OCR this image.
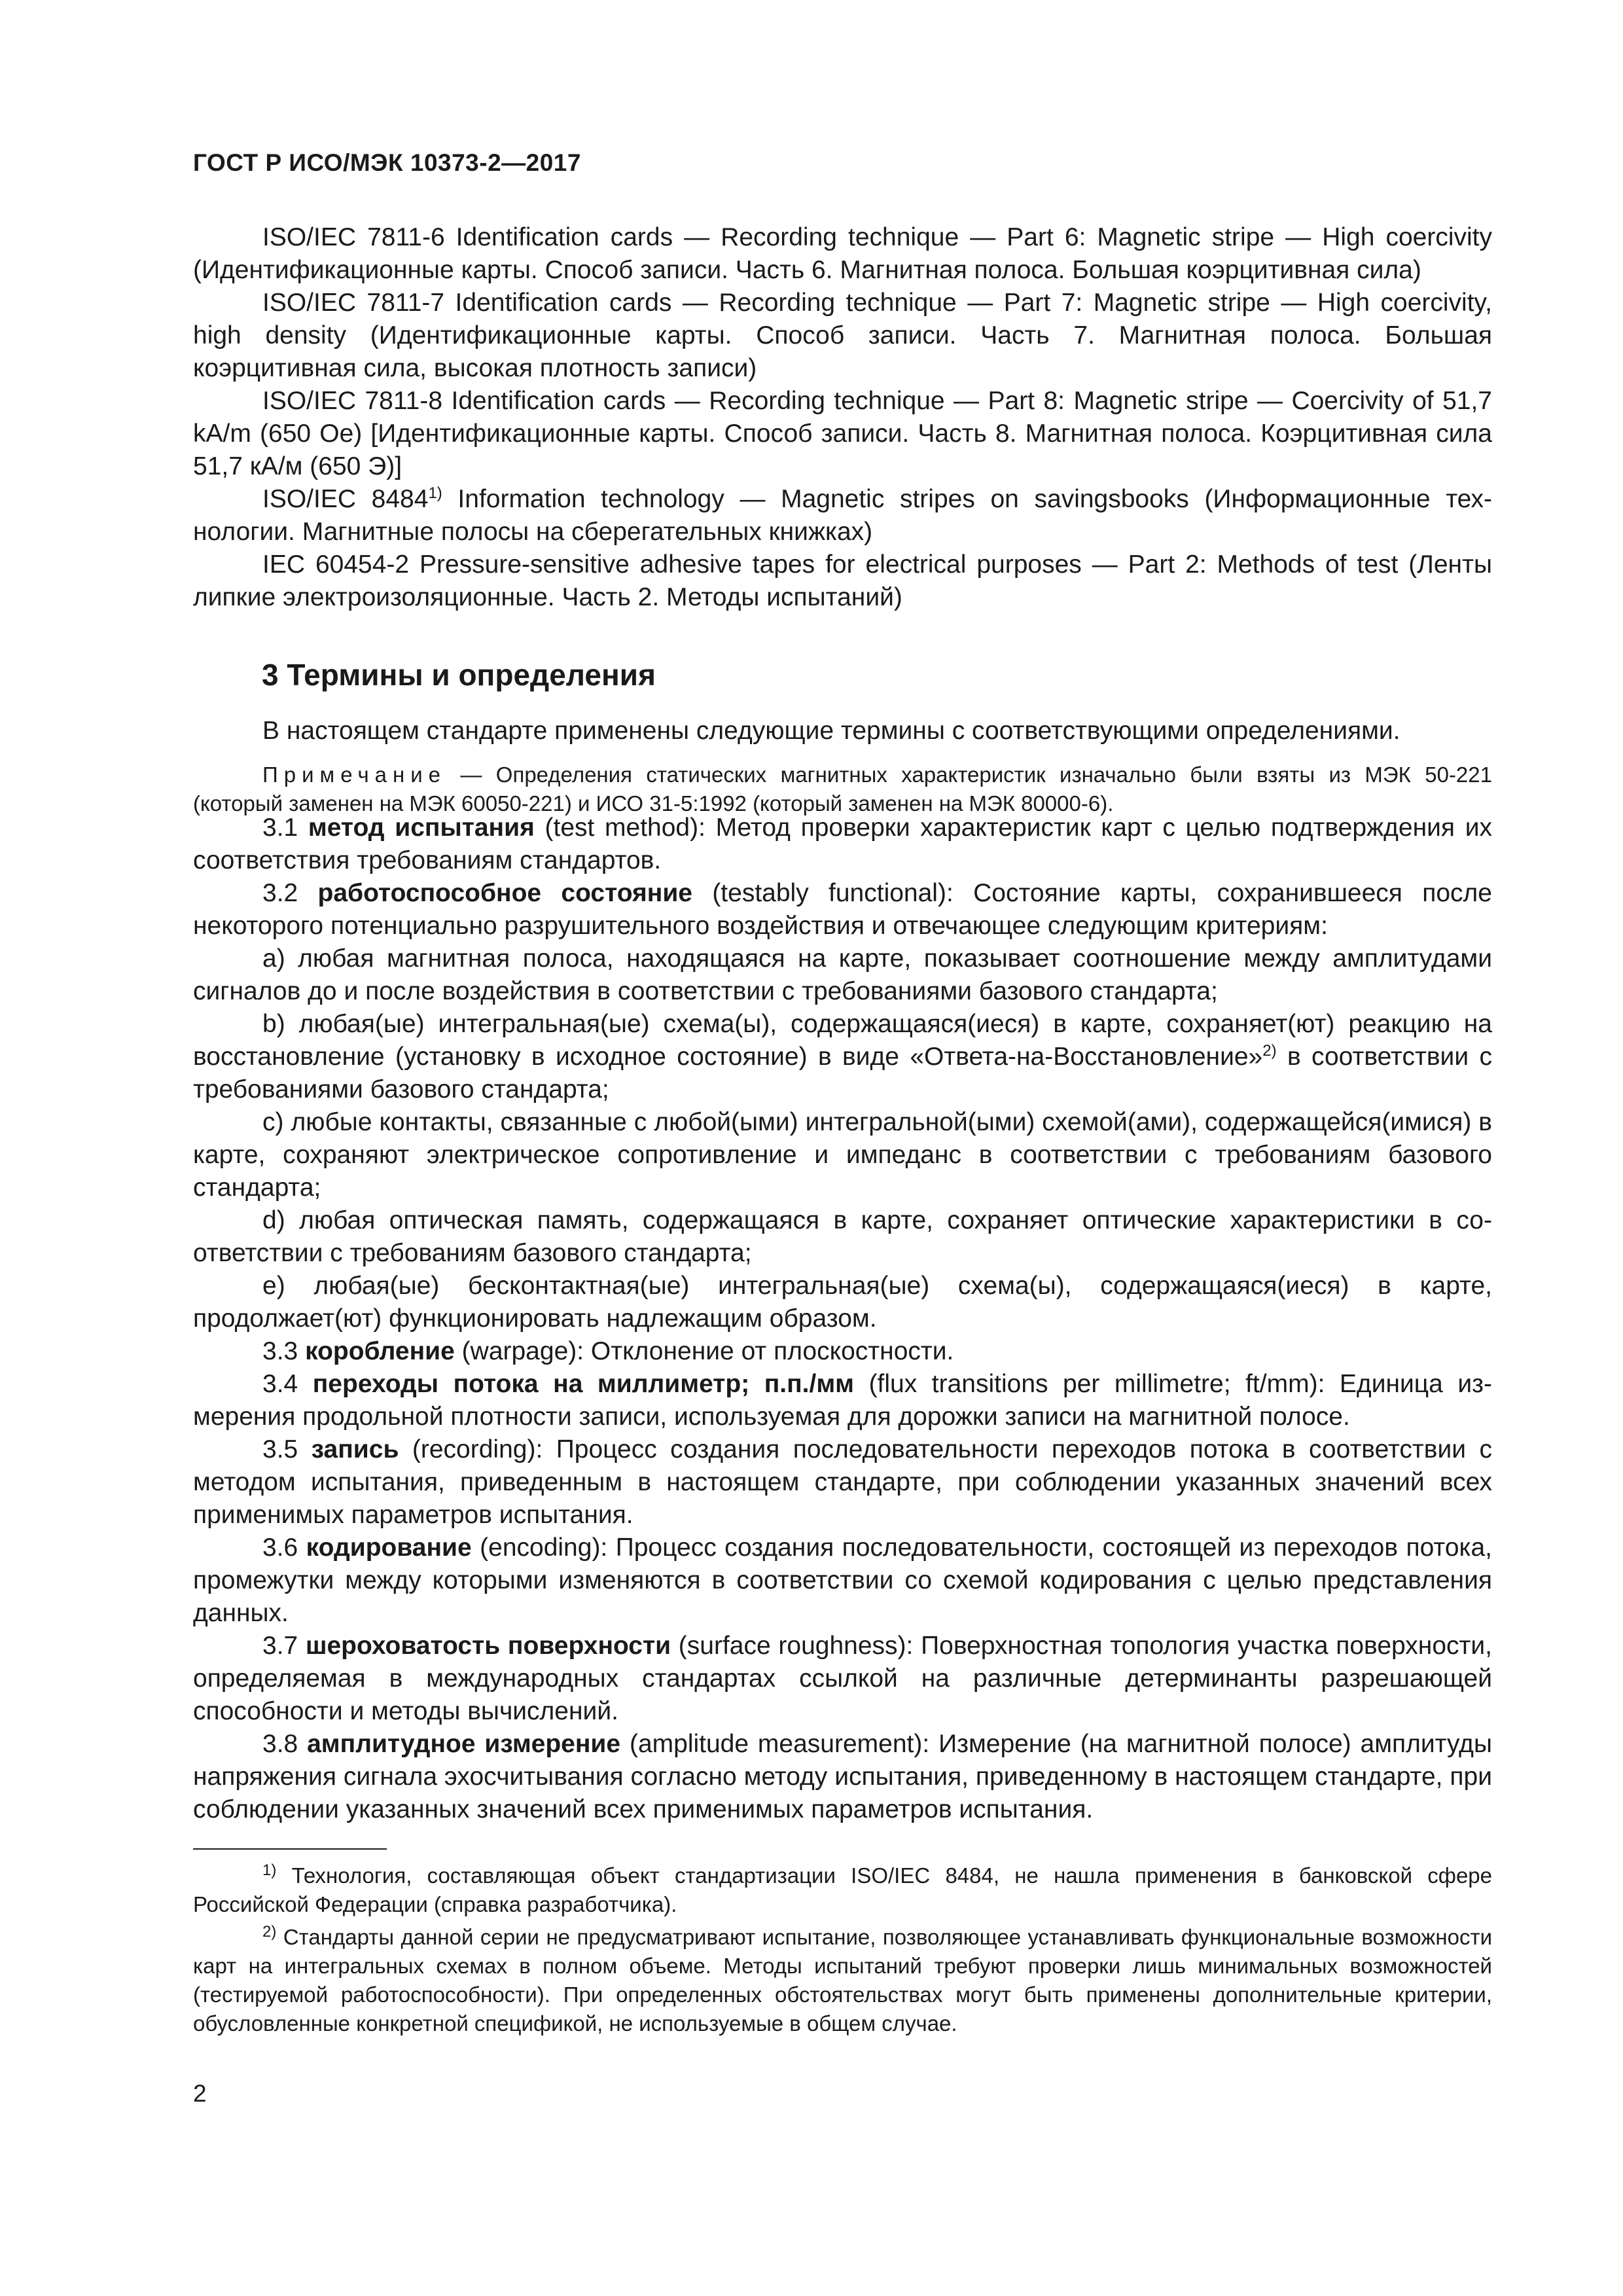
ГОСТ Р ИСО/МЭК 10373-2—2017

ISO/IEC 7811-6 Identification cards — Recording technique — Part 6: Magnetic stripe — High coercivity (Идентификационные карты. Способ записи. Часть 6. Магнитная полоса. Большая коэрцитивная сила)

ISO/IEC 7811-7 Identification cards — Recording technique — Part 7: Magnetic stripe — High coercivity, high density (Идентификационные карты. Способ записи. Часть 7. Магнитная полоса. Большая коэрцитивная сила, высокая плотность записи)

ISO/IEC 7811-8 Identification cards — Recording technique — Part 8: Magnetic stripe — Coercivity of 51,7 kA/m (650 Oe) [Идентификационные карты. Способ записи. Часть 8. Магнитная полоса. Коэрцитивная сила 51,7 кА/м (650 Э)]

ISO/IEC 8484$^{1)}$ Information technology — Magnetic stripes on savingsbooks (Информационные технологии. Магнитные полосы на сберегательных книжках)

IEC 60454-2 Pressure-sensitive adhesive tapes for electrical purposes — Part 2: Methods of test (Ленты липкие электроизоляционные. Часть 2. Методы испытаний)

3 Термины и определения
В настоящем стандарте применены следующие термины с соответствующими определениями.

Примечание — Определения статических магнитных характеристик изначально были взяты из МЭК 50-221 (который заменен на МЭК 60050-221) и ИСО 31-5:1992 (который заменен на МЭК 80000-6).

3.1 метод испытания (test method): Метод проверки характеристик карт с целью подтверждения их соответствия требованиям стандартов.

3.2 работоспособное состояние (testably functional): Состояние карты, сохранившееся после некоторого потенциально разрушительного воздействия и отвечающее следующим критериям:

а) любая магнитная полоса, находящаяся на карте, показывает соотношение между амплитудами сигналов до и после воздействия в соответствии с требованиями базового стандарта;

b) любая(ые) интегральная(ые) схема(ы), содержащаяся(иеся) в карте, сохраняет(ют) реакцию на восстановление (установку в исходное состояние) в виде «Ответа-на-Восстановление»$^{2)}$ в соответствии с требованиями базового стандарта;

с) любые контакты, связанные с любой(ыми) интегральной(ыми) схемой(ами), содержащейся(имися) в карте, сохраняют электрическое сопротивление и импеданс в соответствии с требованиям базового стандарта;

d) любая оптическая память, содержащаяся в карте, сохраняет оптические характеристики в соответствии с требованиям базового стандарта;

е) любая(ые) бесконтактная(ые) интегральная(ые) схема(ы), содержащаяся(иеся) в карте, продолжает(ют) функционировать надлежащим образом.

3.3 коробление (warpage): Отклонение от плоскостности.

3.4 переходы потока на миллиметр; п.п./мм (flux transitions per millimetre; ft/mm): Единица измерения продольной плотности записи, используемая для дорожки записи на магнитной полосе.

3.5 запись (recording): Процесс создания последовательности переходов потока в соответствии с методом испытания, приведенным в настоящем стандарте, при соблюдении указанных значений всех применимых параметров испытания.

3.6 кодирование (encoding): Процесс создания последовательности, состоящей из переходов потока, промежутки между которыми изменяются в соответствии со схемой кодирования с целью представления данных.

3.7 шероховатость поверхности (surface roughness): Поверхностная топология участка поверхности, определяемая в международных стандартах ссылкой на различные детерминанты разрешающей способности и методы вычислений.

3.8 амплитудное измерение (amplitude measurement): Измерение (на магнитной полосе) амплитуды напряжения сигнала эхосчитывания согласно методу испытания, приведенному в настоящем стандарте, при соблюдении указанных значений всех применимых параметров испытания.

$^{1)}$ Технология, составляющая объект стандартизации ISO/IEC 8484, не нашла применения в банковской сфере Российской Федерации (справка разработчика).

$^{2)}$ Стандарты данной серии не предусматривают испытание, позволяющее устанавливать функциональные возможности карт на интегральных схемах в полном объеме. Методы испытаний требуют проверки лишь минимальных возможностей (тестируемой работоспособности). При определенных обстоятельствах могут быть применены дополнительные критерии, обусловленные конкретной спецификой, не используемые в общем случае.

2
